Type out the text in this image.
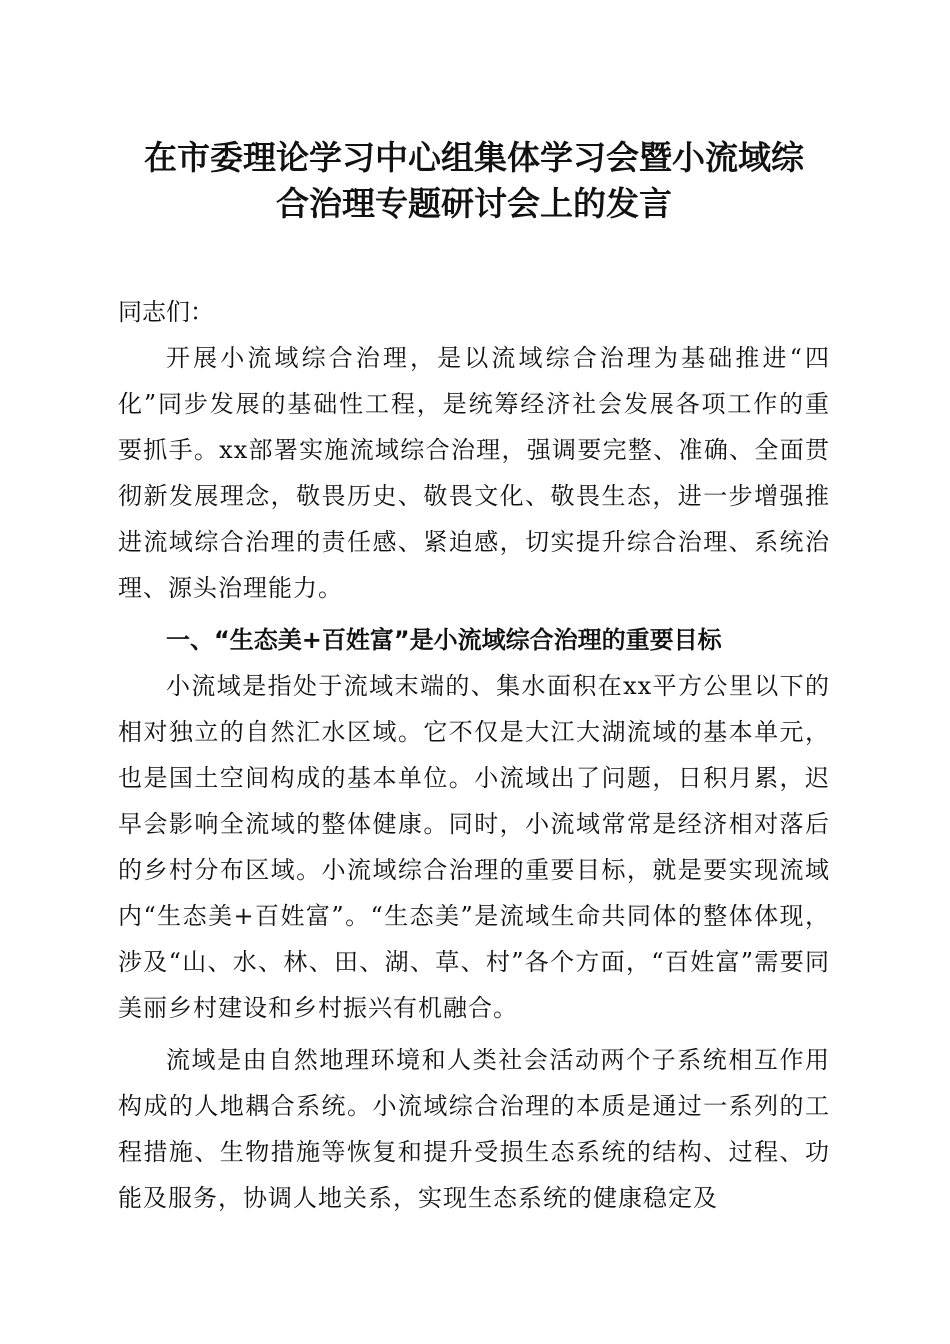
在市委理论学习中心组集体学习会暨小流域综
合治理专题研讨会上的发言

同志们：

开展小流域综合治理，是以流域综合治理为基础推进“四化”同步发展的基础性工程，是统筹经济社会发展各项工作的重要抓手。xx部署实施流域综合治理，强调要完整、准确、全面贯彻新发展理念，敬畏历史、敬畏文化、敬畏生态，进一步增强推进流域综合治理的责任感、紧迫感，切实提升综合治理、系统治理、源头治理能力。

一、“生态美+百姓富”是小流域综合治理的重要目标

小流域是指处于流域末端的、集水面积在xx平方公里以下的相对独立的自然汇水区域。它不仅是大江大湖流域的基本单元，也是国土空间构成的基本单位。小流域出了问题，日积月累，迟早会影响全流域的整体健康。同时，小流域常常是经济相对落后的乡村分布区域。小流域综合治理的重要目标，就是要实现流域内“生态美+百姓富”。“生态美”是流域生命共同体的整体体现，涉及“山、水、林、田、湖、草、村”各个方面，“百姓富”需要同美丽乡村建设和乡村振兴有机融合。

流域是由自然地理环境和人类社会活动两个子系统相互作用构成的人地耦合系统。小流域综合治理的本质是通过一系列的工程措施、生物措施等恢复和提升受损生态系统的结构、过程、功能及服务，协调人地关系，实现生态系统的健康稳定及
